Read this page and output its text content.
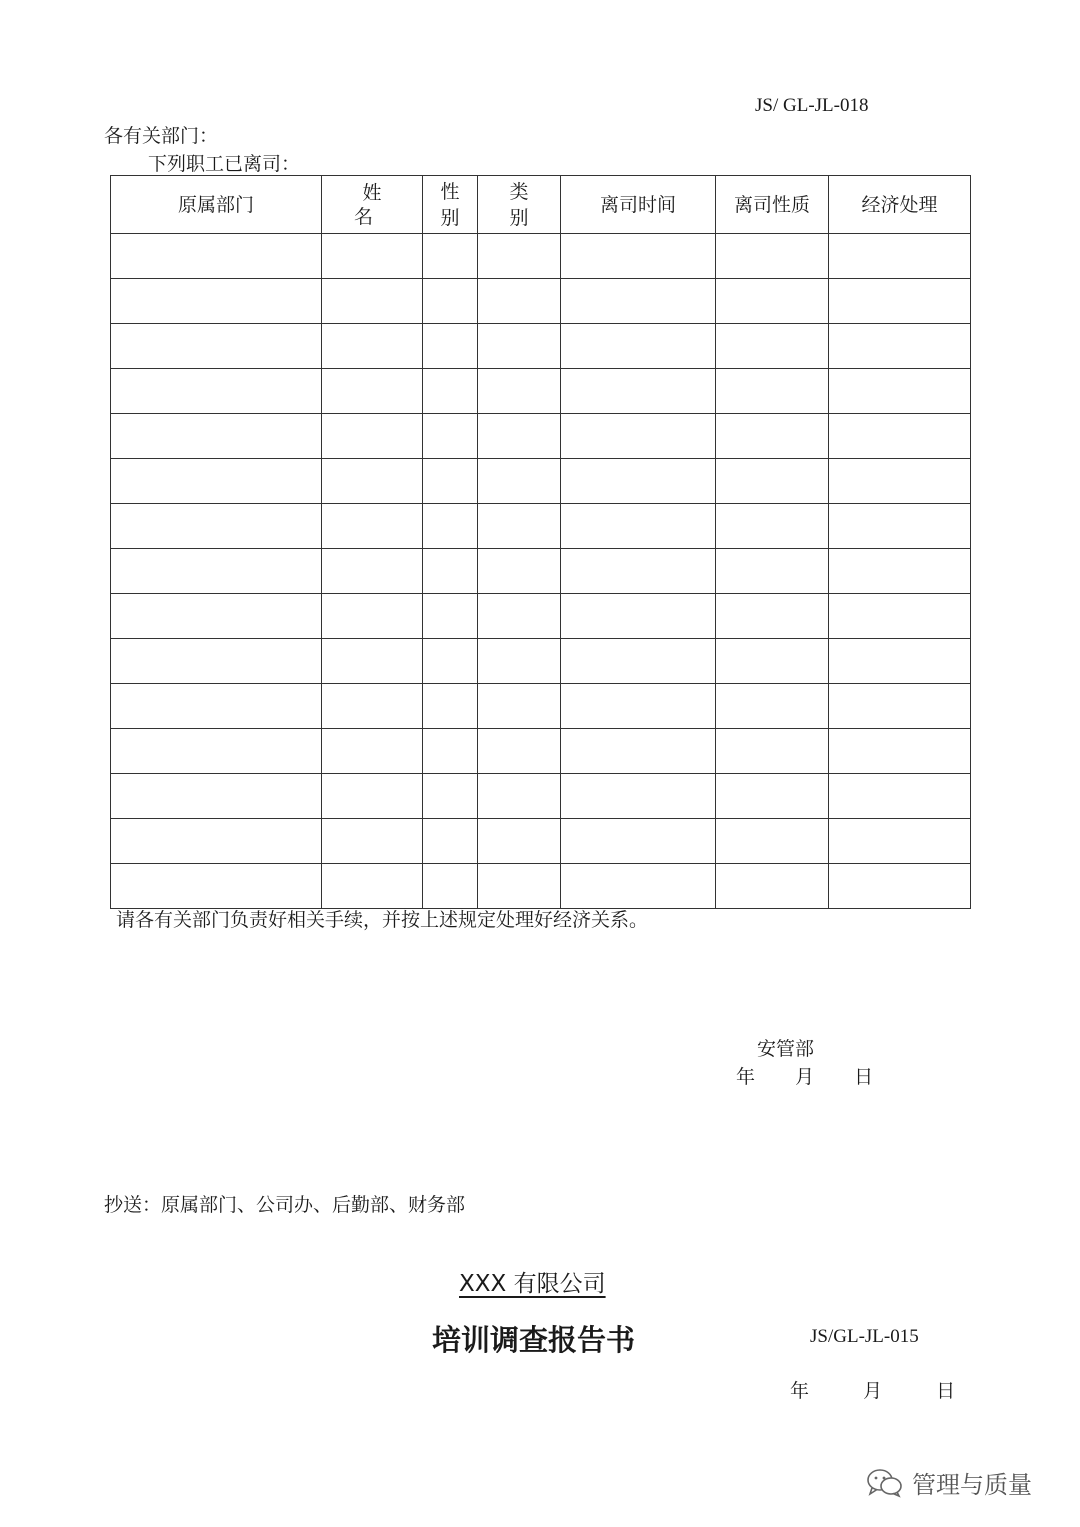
JS/ GL-JL-018
各有关部门：
下列职工已离司：
原属部门	姓 名	性别	类别	离司时间	离司性质	经济处理

请各有关部门负责好相关手续，并按上述规定处理好经济关系。
安管部
年 月 日
抄送：原属部门、公司办、后勤部、财务部
XXX 有限公司
培训调查报告书	JS/GL-JL-015
年	月	日
管理与质量
